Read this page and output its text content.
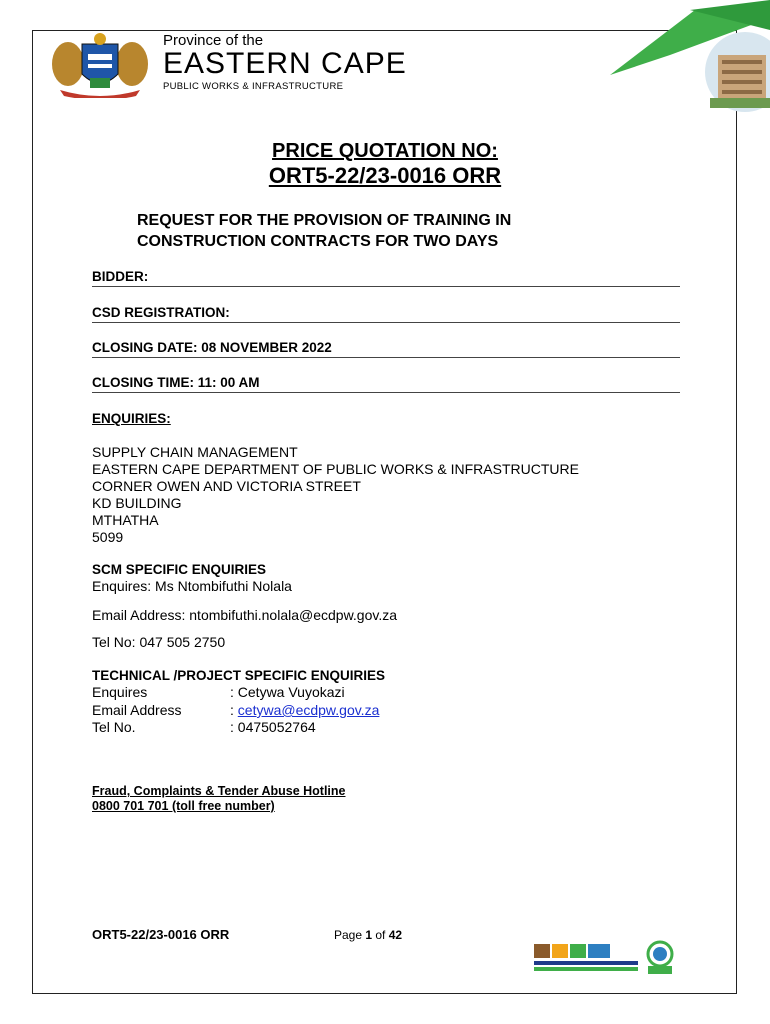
Province of the
EASTERN CAPE
PUBLIC WORKS & INFRASTRUCTURE
PRICE QUOTATION NO:
ORT5-22/23-0016 ORR
REQUEST FOR THE PROVISION OF TRAINING IN
CONSTRUCTION CONTRACTS FOR TWO DAYS
BIDDER:
CSD REGISTRATION:
CLOSING DATE: 08 NOVEMBER 2022
CLOSING TIME: 11: 00 AM
ENQUIRIES:
SUPPLY CHAIN MANAGEMENT
EASTERN CAPE DEPARTMENT OF PUBLIC WORKS & INFRASTRUCTURE
CORNER OWEN AND VICTORIA STREET
KD BUILDING
MTHATHA
5099
SCM SPECIFIC ENQUIRIES
Enquires: Ms Ntombifuthi Nolala
Email Address: ntombifuthi.nolala@ecdpw.gov.za
Tel No: 047 505 2750
TECHNICAL /PROJECT SPECIFIC ENQUIRIES
Enquires	: Cetywa Vuyokazi
Email Address	: cetywa@ecdpw.gov.za
Tel No.	: 0475052764
Fraud, Complaints & Tender Abuse Hotline
0800 701 701 (toll free number)
ORT5-22/23-0016 ORR	Page 1 of 42
